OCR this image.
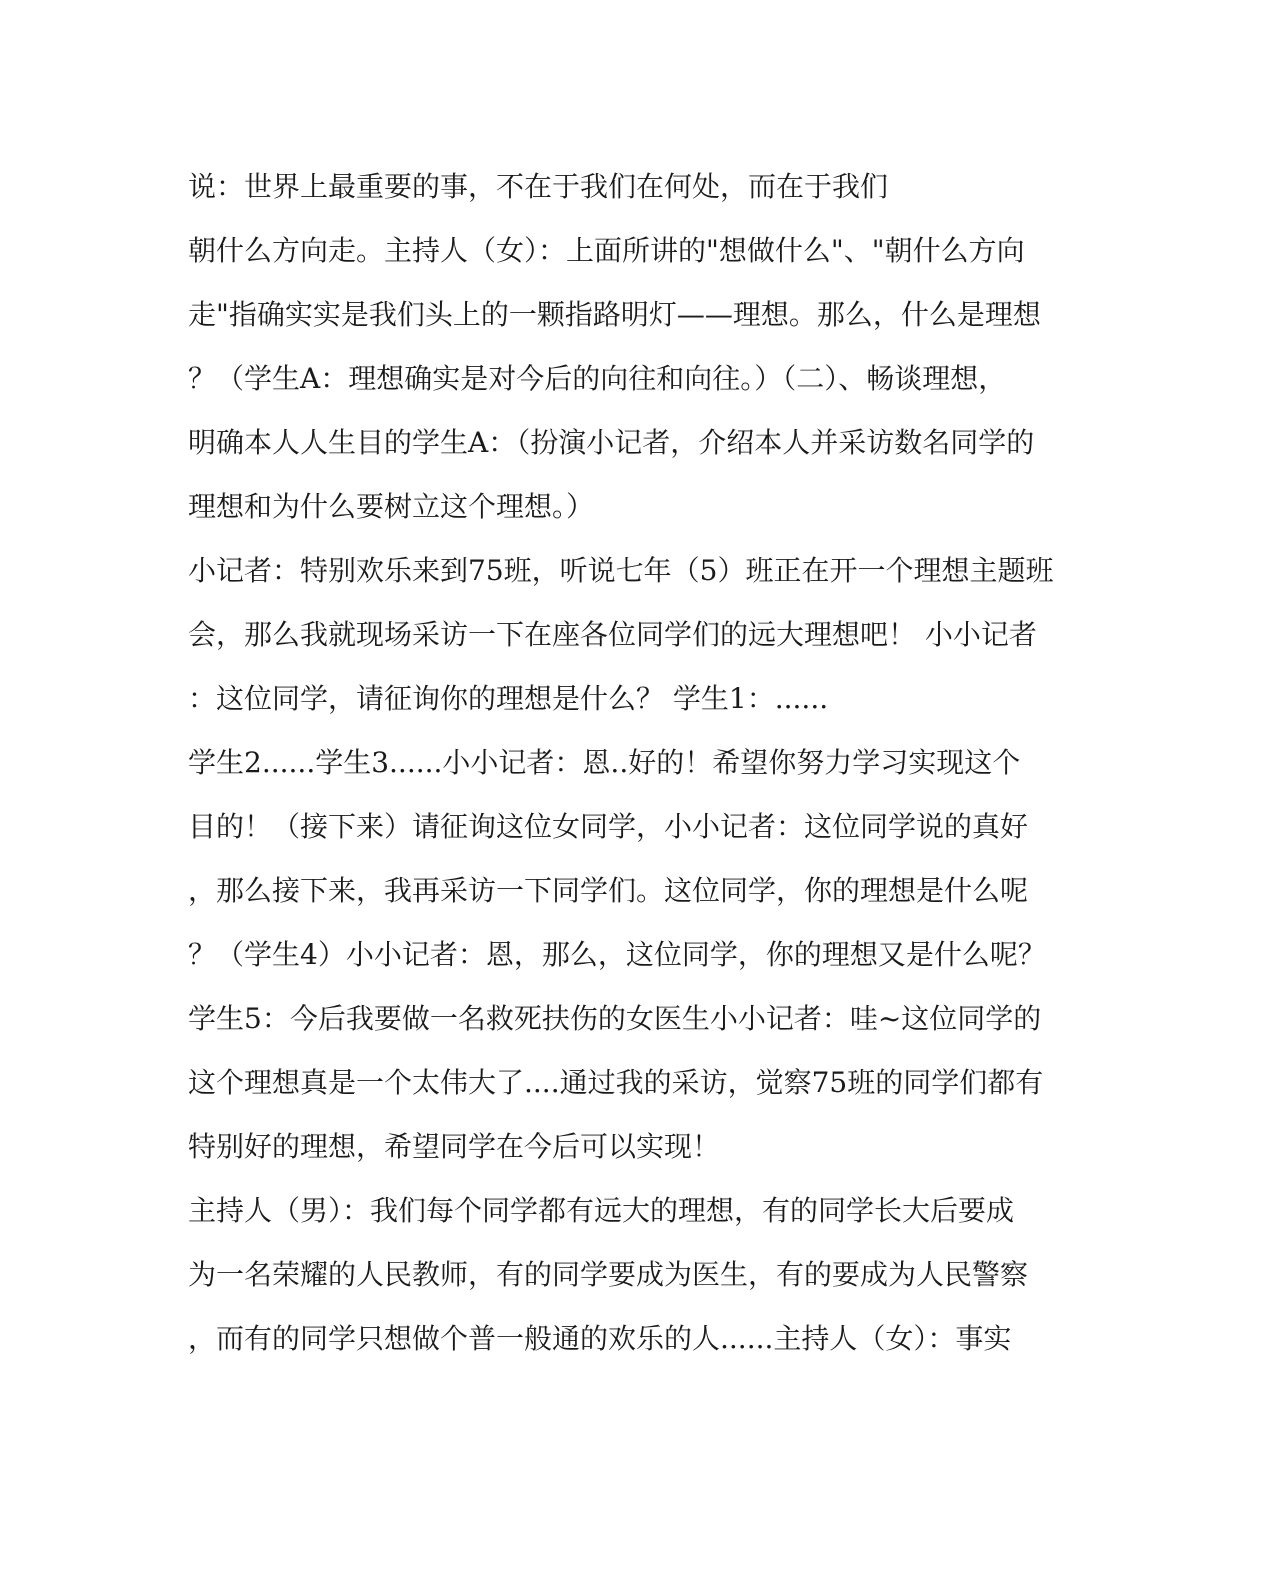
说：世界上最重要的事，不在于我们在何处，而在于我们
朝什么方向走。主持人（女）：上面所讲的"想做什么"、"朝什么方向
走"指确实实是我们头上的一颗指路明灯——理想。那么，什么是理想
？（学生A：理想确实是对今后的向往和向往。）（二）、畅谈理想，
明确本人人生目的学生A：（扮演小记者，介绍本人并采访数名同学的
理想和为什么要树立这个理想。）
小记者：特别欢乐来到75班，听说七年（5）班正在开一个理想主题班
会，那么我就现场采访一下在座各位同学们的远大理想吧！ 小小记者
：这位同学，请征询你的理想是什么？ 学生1：......
学生2......学生3......小小记者：恩..好的！希望你努力学习实现这个
目的！（接下来）请征询这位女同学，小小记者：这位同学说的真好
，那么接下来，我再采访一下同学们。这位同学，你的理想是什么呢
？（学生4）小小记者：恩，那么，这位同学，你的理想又是什么呢？
学生5：今后我要做一名救死扶伤的女医生小小记者：哇~这位同学的
这个理想真是一个太伟大了....通过我的采访，觉察75班的同学们都有
特别好的理想，希望同学在今后可以实现！
主持人（男）：我们每个同学都有远大的理想，有的同学长大后要成
为一名荣耀的人民教师，有的同学要成为医生，有的要成为人民警察
，而有的同学只想做个普一般通的欢乐的人......主持人（女）：事实
